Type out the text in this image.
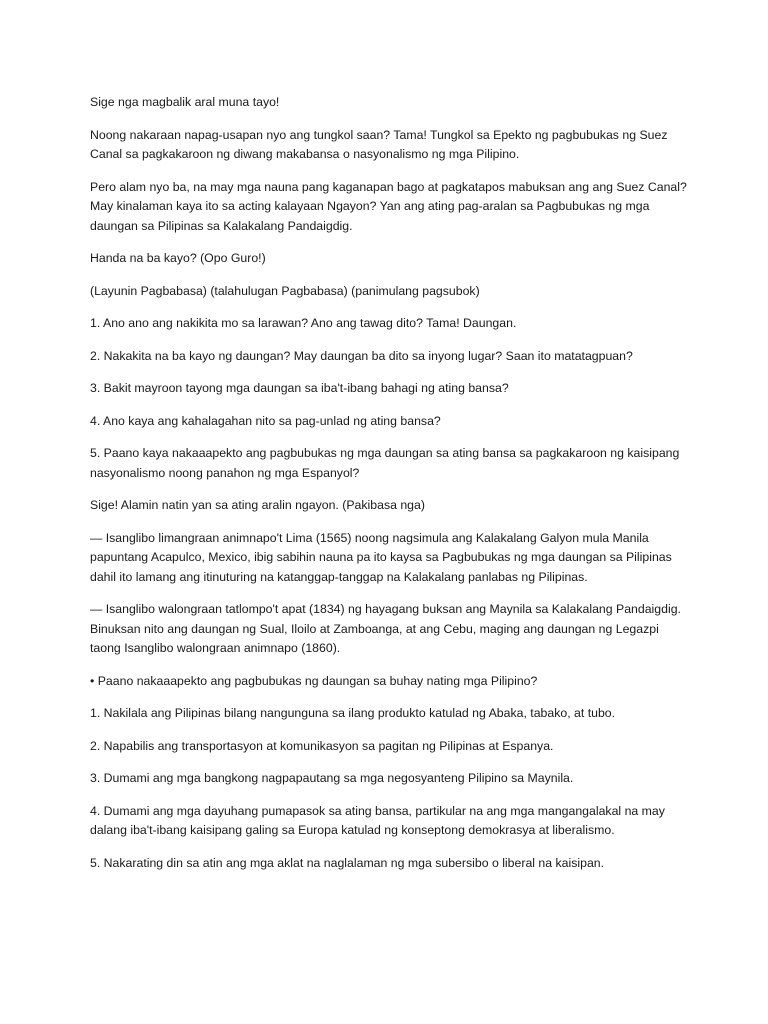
Sige nga magbalik aral muna tayo!

Noong nakaraan napag-usapan nyo ang tungkol saan? Tama! Tungkol sa Epekto ng pagbubukas ng Suez Canal sa pagkakaroon ng diwang makabansa o nasyonalismo ng mga Pilipino.

Pero alam nyo ba, na may mga nauna pang kaganapan bago at pagkatapos mabuksan ang ang Suez Canal? May kinalaman kaya ito sa acting kalayaan Ngayon? Yan ang ating pag-aralan sa Pagbubukas ng mga daungan sa Pilipinas sa Kalakalang Pandaigdig.

Handa na ba kayo? (Opo Guro!)

(Layunin Pagbabasa) (talahulugan Pagbabasa) (panimulang pagsubok)

1. Ano ano ang nakikita mo sa larawan? Ano ang tawag dito? Tama! Daungan.

2. Nakakita na ba kayo ng daungan? May daungan ba dito sa inyong lugar? Saan ito matatagpuan?

3. Bakit mayroon tayong mga daungan sa iba't-ibang bahagi ng ating bansa?

4. Ano kaya ang kahalagahan nito sa pag-unlad ng ating bansa?

5. Paano kaya nakaaapekto ang pagbubukas ng mga daungan sa ating bansa sa pagkakaroon ng kaisipang nasyonalismo noong panahon ng mga Espanyol?

Sige! Alamin natin yan sa ating aralin ngayon. (Pakibasa nga)

— Isanglibo limangraan animnapo't Lima (1565) noong nagsimula ang Kalakalang Galyon mula Manila papuntang Acapulco, Mexico, ibig sabihin nauna pa ito kaysa sa Pagbubukas ng mga daungan sa Pilipinas dahil ito lamang ang itinuturing na katanggap-tanggap na Kalakalang panlabas ng Pilipinas.

— Isanglibo walongraan tatlompo't apat (1834) ng hayagang buksan ang Maynila sa Kalakalang Pandaigdig. Binuksan nito ang daungan ng Sual, Iloilo at Zamboanga, at ang Cebu, maging ang daungan ng Legazpi taong Isanglibo walongraan animnapo (1860).

• Paano nakaaapekto ang pagbubukas ng daungan sa buhay nating mga Pilipino?

1. Nakilala ang Pilipinas bilang nangunguna sa ilang produkto katulad ng Abaka, tabako, at tubo.

2. Napabilis ang transportasyon at komunikasyon sa pagitan ng Pilipinas at Espanya.

3. Dumami ang mga bangkong nagpapautang sa mga negosyanteng Pilipino sa Maynila.

4. Dumami ang mga dayuhang pumapasok sa ating bansa, partikular na ang mga mangangalakal na may dalang iba't-ibang kaisipang galing sa Europa katulad ng konseptong demokrasya at liberalismo.

5. Nakarating din sa atin ang mga aklat na naglalaman ng mga subersibo o liberal na kaisipan.
